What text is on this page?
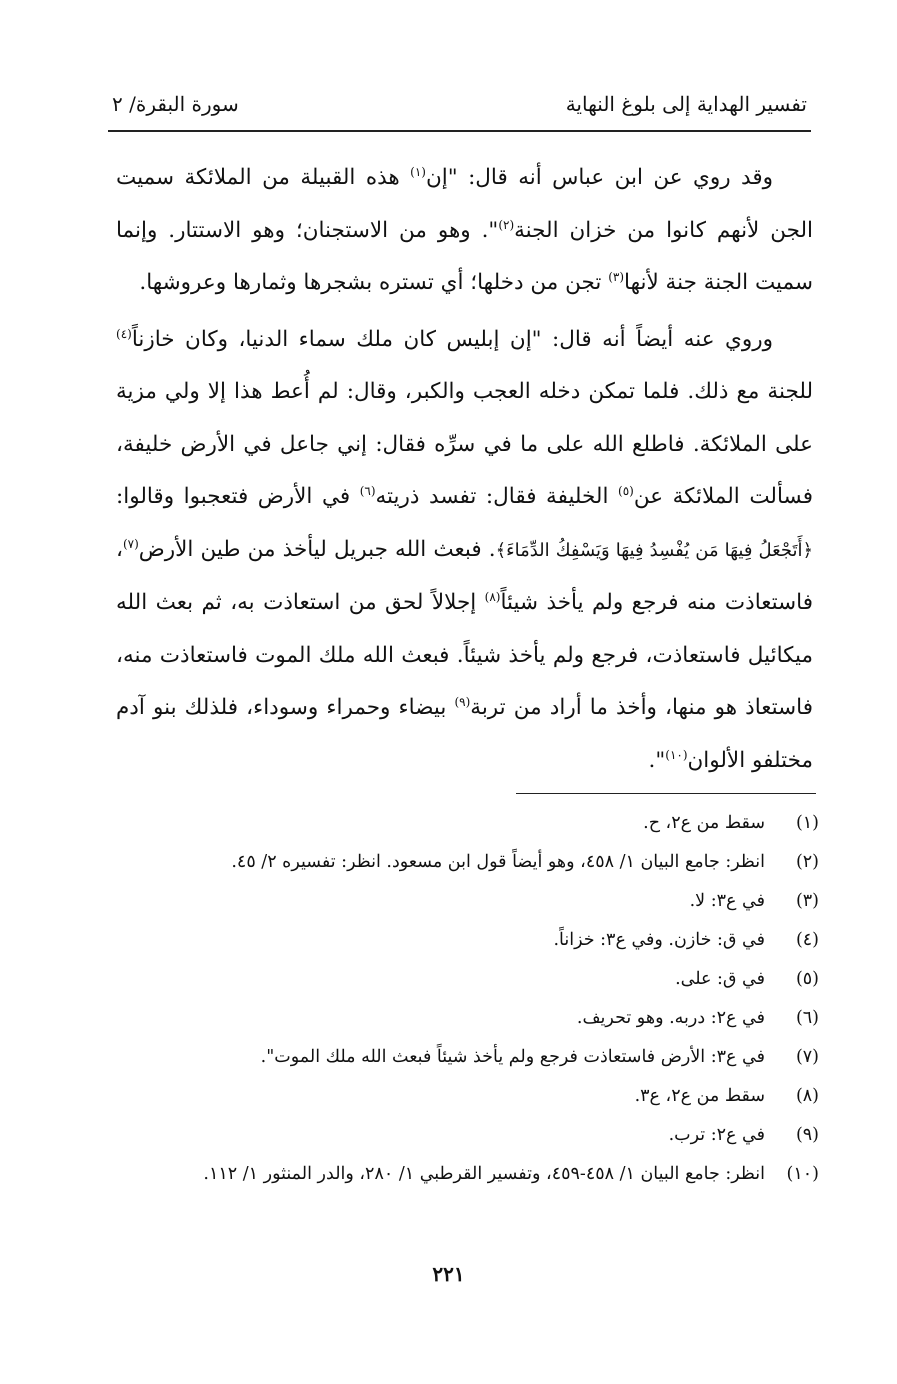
تفسير الهداية إلى بلوغ النهاية
سورة البقرة/ ٢

وقد روي عن ابن عباس أنه قال: "إن$^{(١)}$ هذه القبيلة من الملائكة سميت الجن لأنهم كانوا من خزان الجنة$^{(٢)}$". وهو من الاستجنان؛ وهو الاستتار. وإنما سميت الجنة جنة لأنها$^{(٣)}$ تجن من دخلها؛ أي تستره بشجرها وثمارها وعروشها.

وروي عنه أيضاً أنه قال: "إن إبليس كان ملك سماء الدنيا، وكان خازناً$^{(٤)}$ للجنة مع ذلك. فلما تمكن دخله العجب والكبر، وقال: لم أُعط هذا إلا ولي مزية على الملائكة. فاطلع الله على ما في سرِّه فقال: إني جاعل في الأرض خليفة، فسألت الملائكة عن$^{(٥)}$ الخليفة فقال: تفسد ذريته$^{(٦)}$ في الأرض فتعجبوا وقالوا: ﴿أَتَجْعَلُ فِيهَا مَن يُفْسِدُ فِيهَا وَيَسْفِكُ الدِّمَاءَ﴾. فبعث الله جبريل ليأخذ من طين الأرض$^{(٧)}$، فاستعاذت منه فرجع ولم يأخذ شيئاً$^{(٨)}$ إجلالاً لحق من استعاذت به، ثم بعث الله ميكائيل فاستعاذت، فرجع ولم يأخذ شيئاً. فبعث الله ملك الموت فاستعاذت منه، فاستعاذ هو منها، وأخذ ما أراد من تربة$^{(٩)}$ بيضاء وحمراء وسوداء، فلذلك بنو آدم مختلفو الألوان$^{(١٠)}$".

(١)
سقط من ع٢، ح.
(٢)
انظر: جامع البيان ١/ ٤٥٨، وهو أيضاً قول ابن مسعود. انظر: تفسيره ٢/ ٤٥.
(٣)
في ع٣: لا.
(٤)
في ق: خازن. وفي ع٣: خزاناً.
(٥)
في ق: على.
(٦)
في ع٢: دربه. وهو تحريف.
(٧)
في ع٣: الأرض فاستعاذت فرجع ولم يأخذ شيئاً فبعث الله ملك الموت".
(٨)
سقط من ع٢، ع٣.
(٩)
في ع٢: ترب.
(١٠)
انظر: جامع البيان ١/ ٤٥٨-٤٥٩، وتفسير القرطبي ١/ ٢٨٠، والدر المنثور ١/ ١١٢.
٢٢١
